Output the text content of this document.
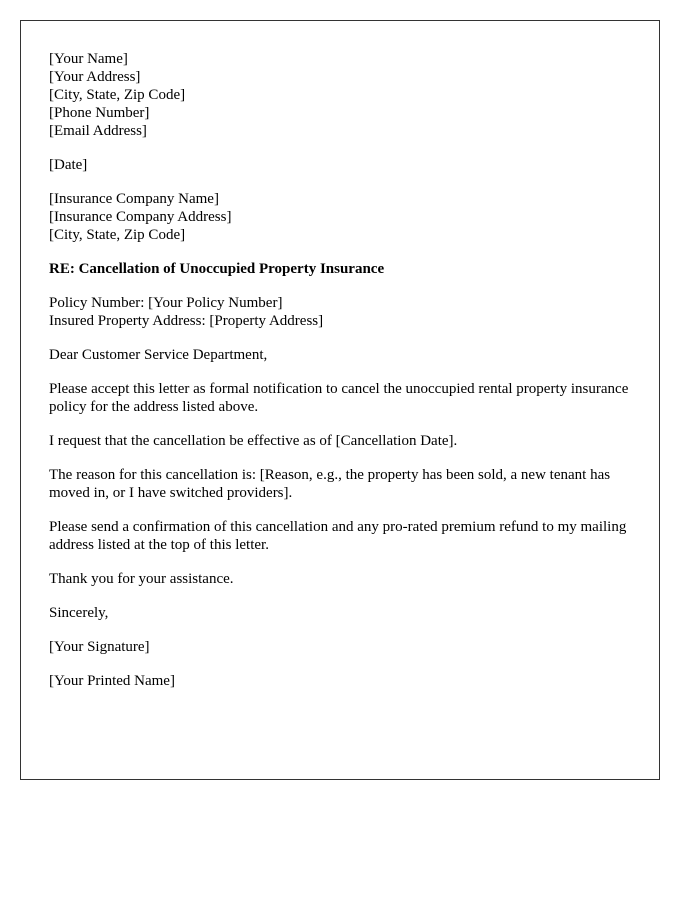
[Your Name]
[Your Address]
[City, State, Zip Code]
[Phone Number]
[Email Address]
[Date]
[Insurance Company Name]
[Insurance Company Address]
[City, State, Zip Code]
RE: Cancellation of Unoccupied Property Insurance
Policy Number: [Your Policy Number]
Insured Property Address: [Property Address]

Dear Customer Service Department,

Please accept this letter as formal notification to cancel the unoccupied rental property insurance policy for the address listed above.

I request that the cancellation be effective as of [Cancellation Date].

The reason for this cancellation is: [Reason, e.g., the property has been sold, a new tenant has moved in, or I have switched providers].

Please send a confirmation of this cancellation and any pro-rated premium refund to my mailing address listed at the top of this letter.

Thank you for your assistance.

Sincerely,

[Your Signature]

[Your Printed Name]
